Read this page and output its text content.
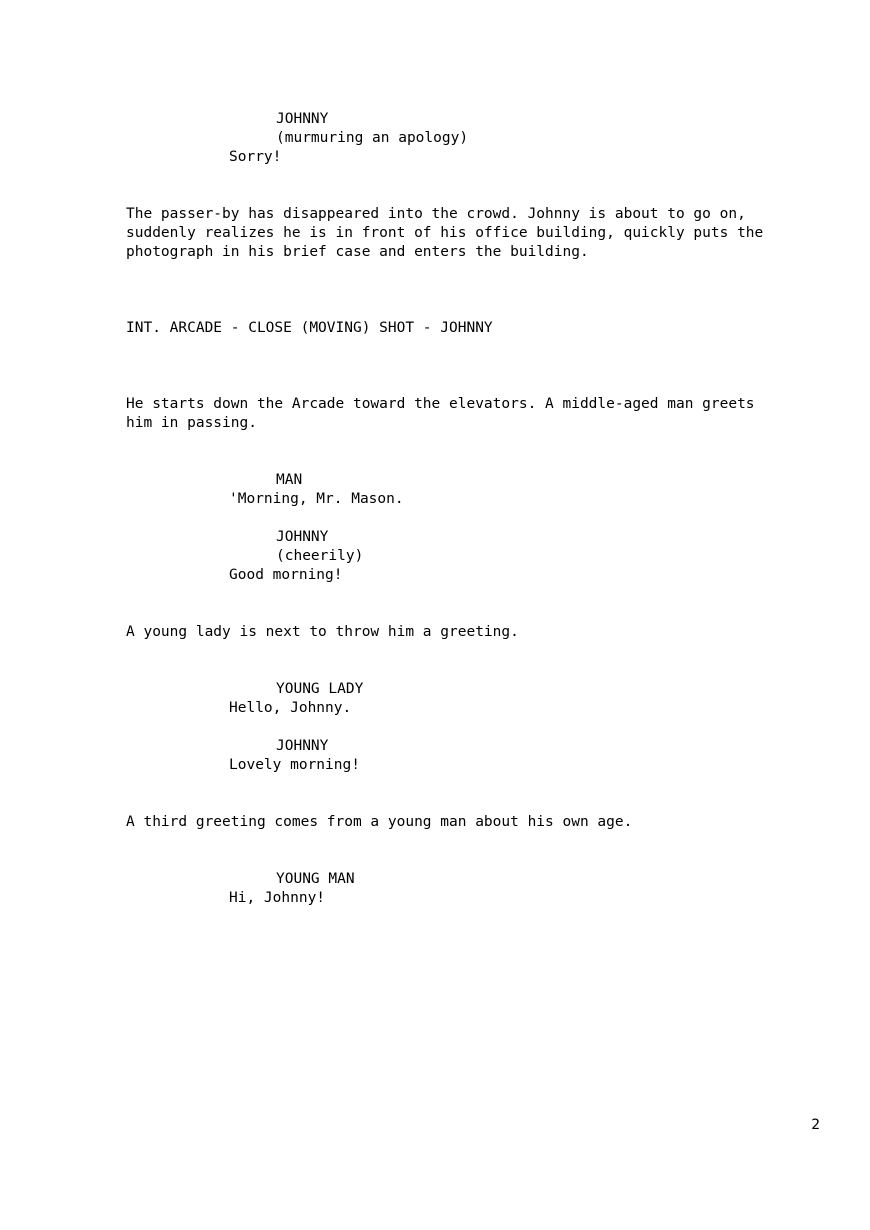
JOHNNY
(murmuring an apology)
Sorry!
The passer-by has disappeared into the crowd. Johnny is about to go on, suddenly realizes he is in front of his office building, quickly puts the photograph in his brief case and enters the building.
INT. ARCADE - CLOSE (MOVING) SHOT - JOHNNY
He starts down the Arcade toward the elevators. A middle-aged man greets him in passing.
MAN
'Morning, Mr. Mason.
JOHNNY
(cheerily)
Good morning!
A young lady is next to throw him a greeting.
YOUNG LADY
Hello, Johnny.
JOHNNY
Lovely morning!
A third greeting comes from a young man about his own age.
YOUNG MAN
Hi, Johnny!
2
